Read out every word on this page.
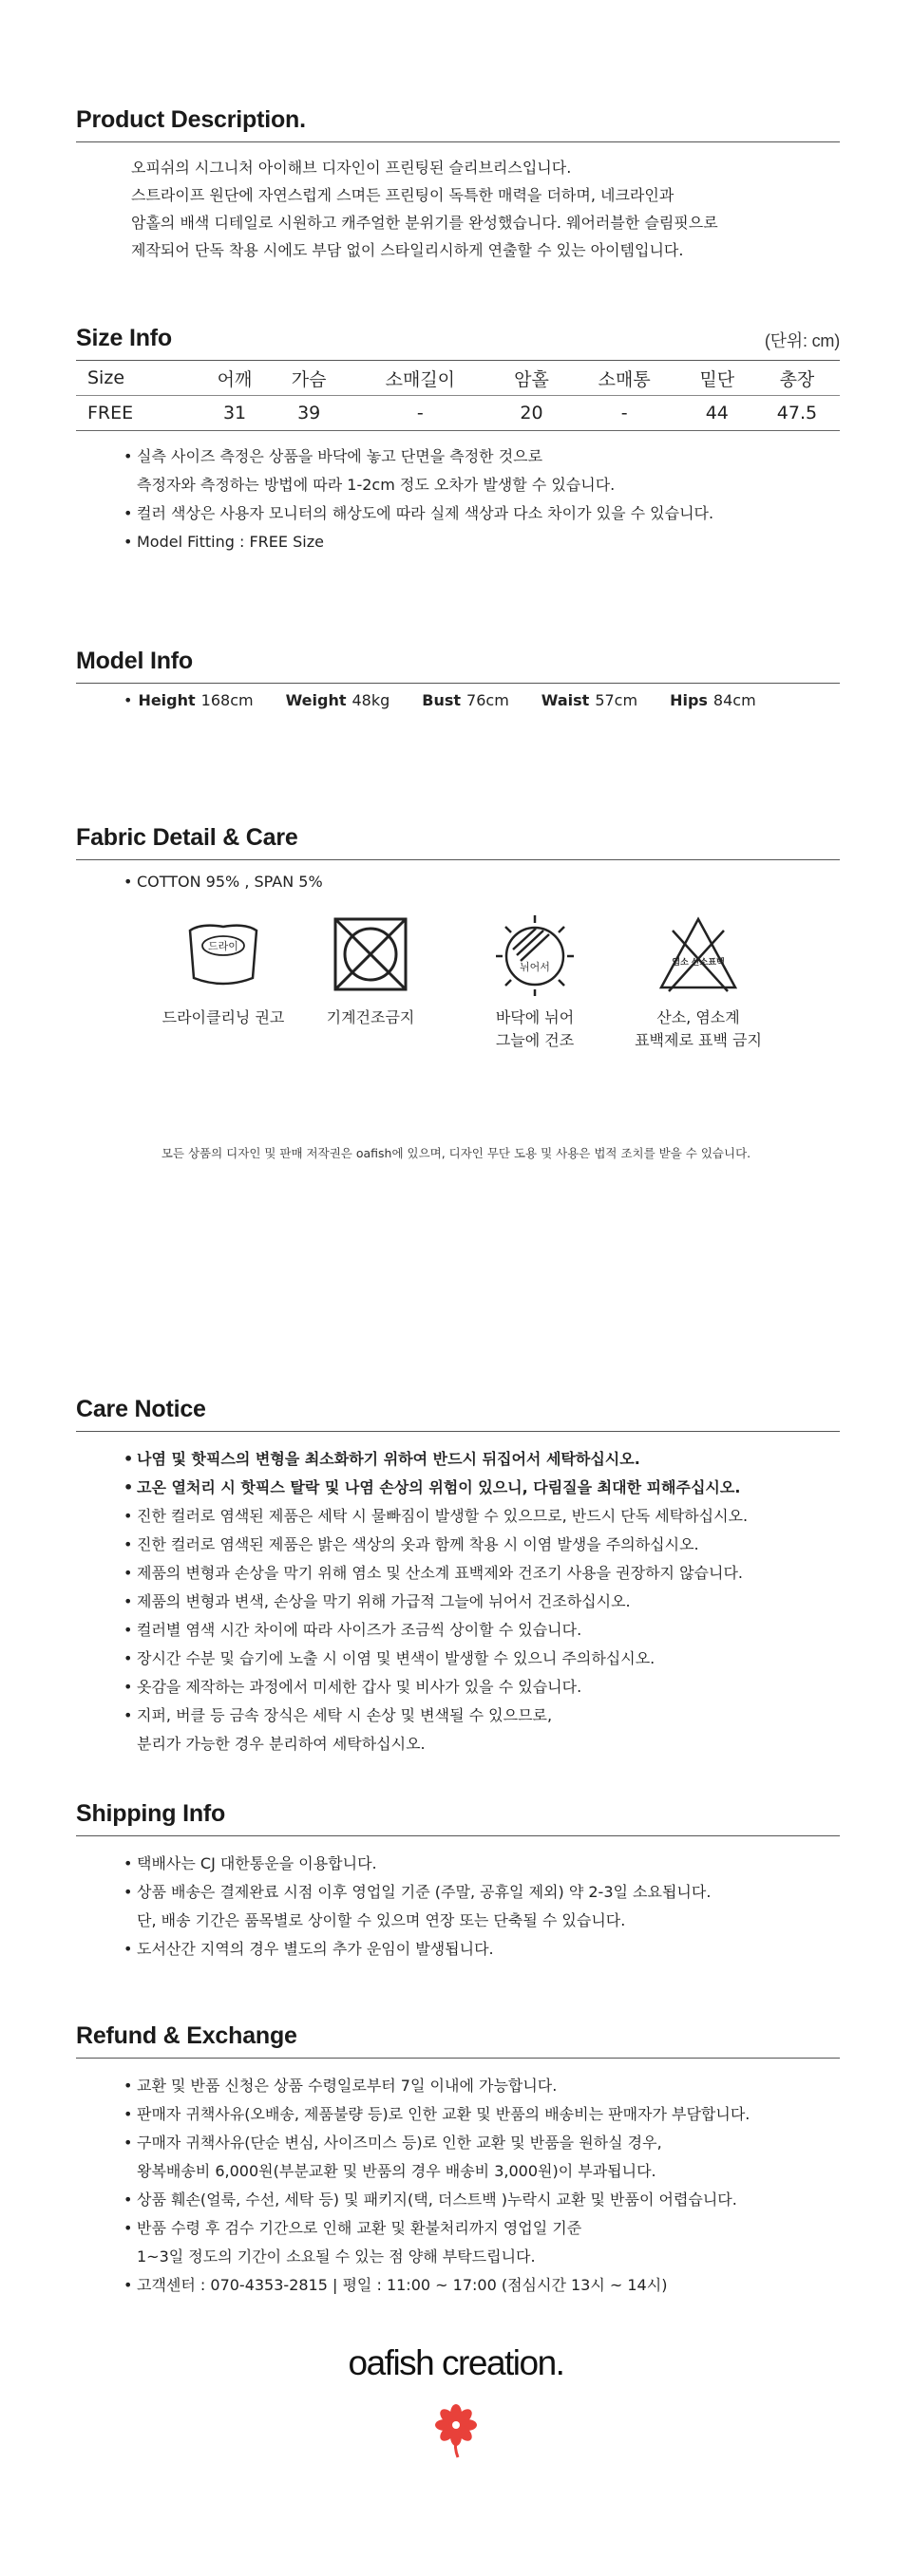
Product Description.
오피쉬의 시그니처 아이해브 디자인이 프린팅된 슬리브리스입니다.
스트라이프 원단에 자연스럽게 스며든 프린팅이 독특한 매력을 더하며, 네크라인과
암홀의 배색 디테일로 시원하고 캐주얼한 분위기를 완성했습니다. 웨어러블한 슬림핏으로
제작되어 단독 착용 시에도 부담 없이 스타일리시하게 연출할 수 있는 아이템입니다.
Size Info	(단위: cm)
Size	어깨	가슴	소매길이	암홀	소매통	밑단	총장
FREE	31	39	-	20	-	44	47.5
• 실측 사이즈 측정은 상품을 바닥에 놓고 단면을 측정한 것으로
측정자와 측정하는 방법에 따라 1-2cm 정도 오차가 발생할 수 있습니다.
• 컬러 색상은 사용자 모니터의 해상도에 따라 실제 색상과 다소 차이가 있을 수 있습니다.
• Model Fitting : FREE Size
Model Info
• Height 168cm Weight 48kg Bust 76cm Waist 57cm Hips 84cm
Fabric Detail & Care
• COTTON 95% , SPAN 5%
드라이
드라이클리닝 권고	기계건조금지
뉘어서
바닥에 뉘어
그늘에 건조
염소 산소표백
산소, 염소계
표백제로 표백 금지
모든 상품의 디자인 및 판매 저작권은 oafish에 있으며, 디자인 무단 도용 및 사용은 법적 조치를 받을 수 있습니다.
Care Notice
• 나염 및 핫픽스의 변형을 최소화하기 위하여 반드시 뒤집어서 세탁하십시오.
• 고온 열처리 시 핫픽스 탈락 및 나염 손상의 위험이 있으니, 다림질을 최대한 피해주십시오.
• 진한 컬러로 염색된 제품은 세탁 시 물빠짐이 발생할 수 있으므로, 반드시 단독 세탁하십시오.
• 진한 컬러로 염색된 제품은 밝은 색상의 옷과 함께 착용 시 이염 발생을 주의하십시오.
• 제품의 변형과 손상을 막기 위해 염소 및 산소계 표백제와 건조기 사용을 권장하지 않습니다.
• 제품의 변형과 변색, 손상을 막기 위해 가급적 그늘에 뉘어서 건조하십시오.
• 컬러별 염색 시간 차이에 따라 사이즈가 조금씩 상이할 수 있습니다.
• 장시간 수분 및 습기에 노출 시 이염 및 변색이 발생할 수 있으니 주의하십시오.
• 옷감을 제작하는 과정에서 미세한 갑사 및 비사가 있을 수 있습니다.
• 지퍼, 버클 등 금속 장식은 세탁 시 손상 및 변색될 수 있으므로,
분리가 가능한 경우 분리하여 세탁하십시오.
Shipping Info
• 택배사는 CJ 대한통운을 이용합니다.
• 상품 배송은 결제완료 시점 이후 영업일 기준 (주말, 공휴일 제외) 약 2-3일 소요됩니다.
단, 배송 기간은 품목별로 상이할 수 있으며 연장 또는 단축될 수 있습니다.
• 도서산간 지역의 경우 별도의 추가 운임이 발생됩니다.
Refund & Exchange
• 교환 및 반품 신청은 상품 수령일로부터 7일 이내에 가능합니다.
• 판매자 귀책사유(오배송, 제품불량 등)로 인한 교환 및 반품의 배송비는 판매자가 부담합니다.
• 구매자 귀책사유(단순 변심, 사이즈미스 등)로 인한 교환 및 반품을 원하실 경우,
왕복배송비 6,000원(부분교환 및 반품의 경우 배송비 3,000원)이 부과됩니다.
• 상품 훼손(얼룩, 수선, 세탁 등) 및 패키지(택, 더스트백 )누락시 교환 및 반품이 어렵습니다.
• 반품 수령 후 검수 기간으로 인해 교환 및 환불처리까지 영업일 기준
1~3일 정도의 기간이 소요될 수 있는 점 양해 부탁드립니다.
• 고객센터 : 070-4353-2815 | 평일 : 11:00 ~ 17:00 (점심시간 13시 ~ 14시)
oafish creation.
